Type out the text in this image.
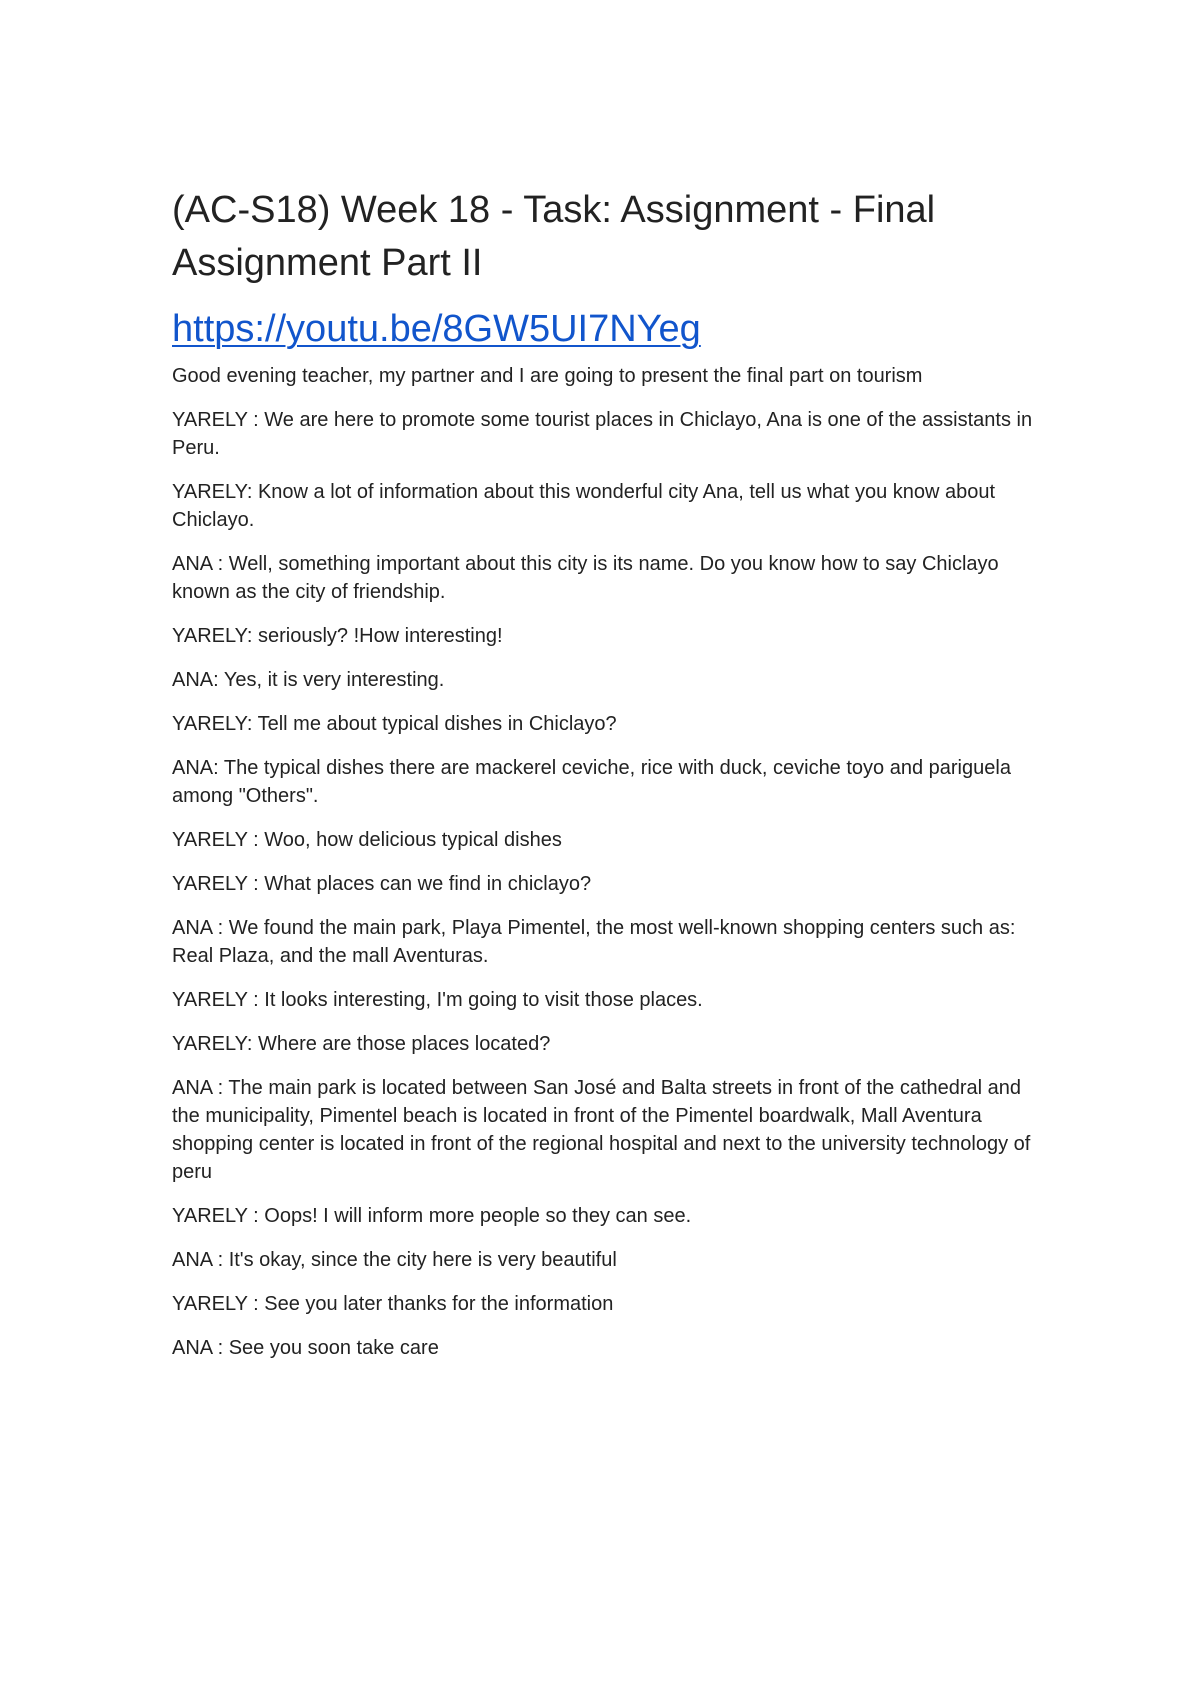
(AC-S18) Week 18 - Task: Assignment - Final Assignment Part II
https://youtu.be/8GW5UI7NYeg

Good evening teacher, my partner and I are going to present the final part on tourism

YARELY : We are here to promote some tourist places in Chiclayo, Ana is one of the assistants in Peru.

YARELY: Know a lot of information about this wonderful city Ana, tell us what you know about Chiclayo.

ANA : Well, something important about this city is its name. Do you know how to say Chiclayo known as the city of friendship.

YARELY: seriously? !How interesting!

ANA: Yes, it is very interesting.

YARELY: Tell me about typical dishes in Chiclayo?

ANA: The typical dishes there are mackerel ceviche, rice with duck, ceviche toyo and pariguela among "Others".

YARELY : Woo, how delicious typical dishes

YARELY : What places can we find in chiclayo?

ANA : We found the main park, Playa Pimentel, the most well-known shopping centers such as: Real Plaza, and the mall Aventuras.

YARELY : It looks interesting, I'm going to visit those places.

YARELY: Where are those places located?

ANA : The main park is located between San José and Balta streets in front of the cathedral and the municipality, Pimentel beach is located in front of the Pimentel boardwalk, Mall Aventura shopping center is located in front of the regional hospital and next to the university technology of peru

YARELY : Oops! I will inform more people so they can see.

ANA : It's okay, since the city here is very beautiful

YARELY : See you later thanks for the information

ANA : See you soon take care
